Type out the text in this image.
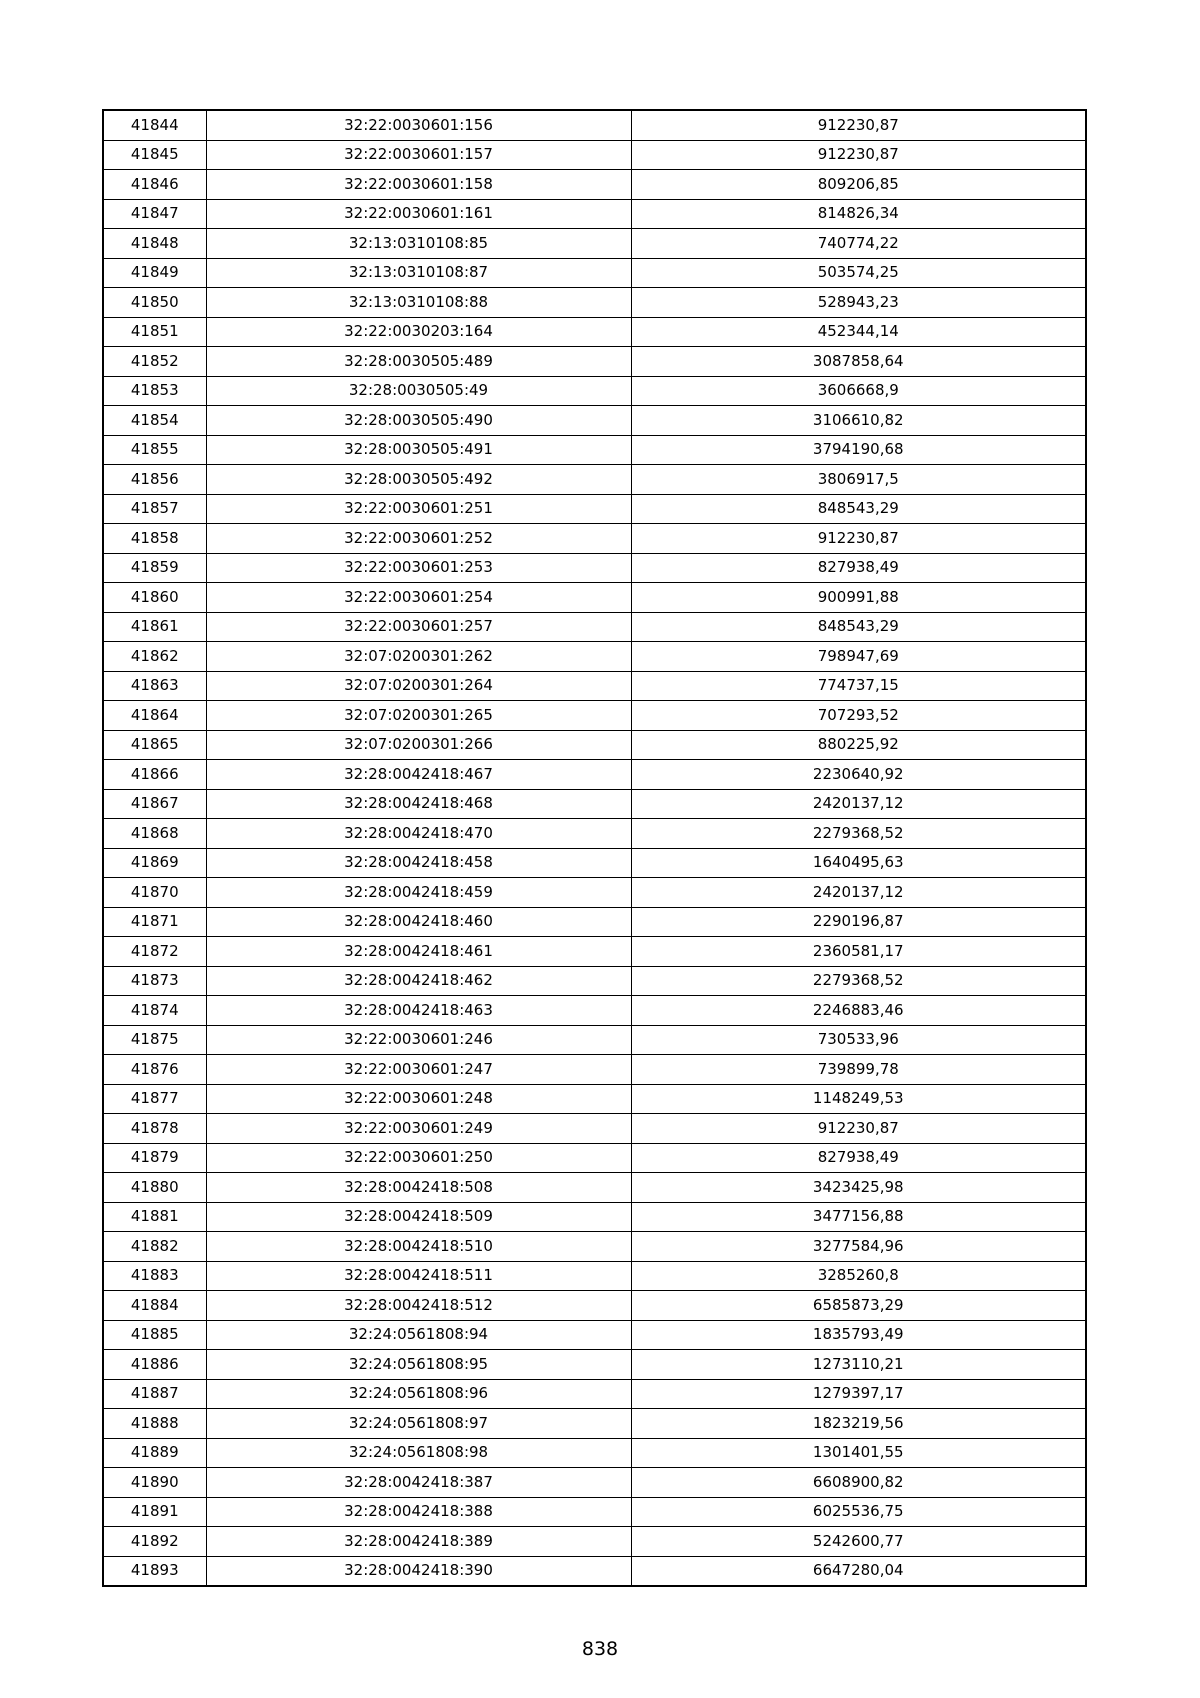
41844	32:22:0030601:156	912230,87
41845	32:22:0030601:157	912230,87
41846	32:22:0030601:158	809206,85
41847	32:22:0030601:161	814826,34
41848	32:13:0310108:85	740774,22
41849	32:13:0310108:87	503574,25
41850	32:13:0310108:88	528943,23
41851	32:22:0030203:164	452344,14
41852	32:28:0030505:489	3087858,64
41853	32:28:0030505:49	3606668,9
41854	32:28:0030505:490	3106610,82
41855	32:28:0030505:491	3794190,68
41856	32:28:0030505:492	3806917,5
41857	32:22:0030601:251	848543,29
41858	32:22:0030601:252	912230,87
41859	32:22:0030601:253	827938,49
41860	32:22:0030601:254	900991,88
41861	32:22:0030601:257	848543,29
41862	32:07:0200301:262	798947,69
41863	32:07:0200301:264	774737,15
41864	32:07:0200301:265	707293,52
41865	32:07:0200301:266	880225,92
41866	32:28:0042418:467	2230640,92
41867	32:28:0042418:468	2420137,12
41868	32:28:0042418:470	2279368,52
41869	32:28:0042418:458	1640495,63
41870	32:28:0042418:459	2420137,12
41871	32:28:0042418:460	2290196,87
41872	32:28:0042418:461	2360581,17
41873	32:28:0042418:462	2279368,52
41874	32:28:0042418:463	2246883,46
41875	32:22:0030601:246	730533,96
41876	32:22:0030601:247	739899,78
41877	32:22:0030601:248	1148249,53
41878	32:22:0030601:249	912230,87
41879	32:22:0030601:250	827938,49
41880	32:28:0042418:508	3423425,98
41881	32:28:0042418:509	3477156,88
41882	32:28:0042418:510	3277584,96
41883	32:28:0042418:511	3285260,8
41884	32:28:0042418:512	6585873,29
41885	32:24:0561808:94	1835793,49
41886	32:24:0561808:95	1273110,21
41887	32:24:0561808:96	1279397,17
41888	32:24:0561808:97	1823219,56
41889	32:24:0561808:98	1301401,55
41890	32:28:0042418:387	6608900,82
41891	32:28:0042418:388	6025536,75
41892	32:28:0042418:389	5242600,77
41893	32:28:0042418:390	6647280,04
838
